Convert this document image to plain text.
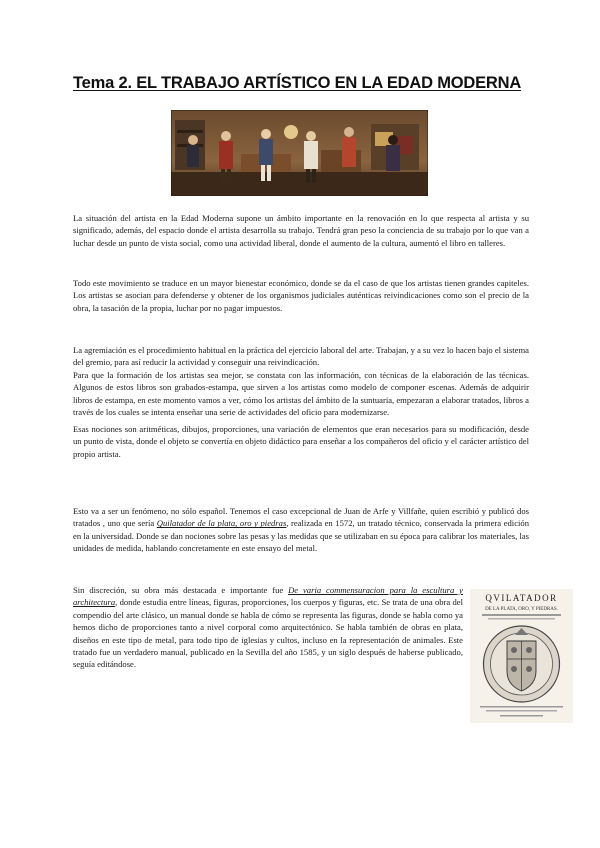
Tema 2. EL TRABAJO ARTÍSTICO EN LA EDAD MODERNA

La situación del artista en la Edad Moderna supone un ámbito importante en la renovación en lo que respecta al artista y su significado, además, del espacio donde el artista desarrolla su trabajo. Tendrá gran peso la conciencia de su trabajo por lo que van a luchar desde un punto de vista social, como una actividad liberal, donde el aumento de la cultura, aumentó el libro en talleres.

Todo este movimiento se traduce en un mayor bienestar económico, donde se da el caso de que los artistas tienen grandes capiteles. Los artistas se asocian para defenderse y obtener de los organismos judiciales auténticas reivindicaciones como son el precio de la obra, la tasación de la propia, luchar por no pagar impuestos.

La agremiación es el procedimiento habitual en la práctica del ejercicio laboral del arte. Trabajan, y a su vez lo hacen bajo el sistema del gremio, para así reducir la actividad y conseguir una reivindicación.
Para que la formación de los artistas sea mejor, se constata con las información, con técnicas de la elaboración de las técnicas. Algunos de estos libros son grabados-estampa, que sirven a los artistas como modelo de componer escenas. Además de adquirir libros de estampa, en este momento vamos a ver, cómo los artistas del ámbito de la suntuaria, empezaran a elaborar tratados, libros a través de los cuales se intenta enseñar una serie de actividades del oficio para modernizarse.

Esas nociones son aritméticas, dibujos, proporciones, una variación de elementos que eran necesarios para su modificación, desde un punto de vista, donde el objeto se convertía en objeto didáctico para enseñar a los compañeros del oficio y el carácter artístico del propio artista.

Esto va a ser un fenómeno, no sólo español. Tenemos el caso excepcional de Juan de Arfe y Villfañe, quien escribió y publicó dos tratados , uno que sería Quilatador de la plata, oro y piedras, realizada en 1572, un tratado técnico, conservada la primera edición en la universidad. Donde se dan nociones sobre las pesas y las medidas que se utilizaban en su época para calibrar los materiales, las unidades de medida, hablando concretamente en este ensayo del metal.

Sin discreción, su obra más destacada e importante fue De varia commensuracion para la escultura y architectura, donde estudia entre líneas, figuras, proporciones, los cuerpos y figuras, etc. Se trata de una obra del compendio del arte clásico, un manual donde se habla de cómo se representa las figuras, donde se habla como ya hemos dicho de proporciones tanto a nivel corporal como arquitectónico. Se habla también de obras en plata, diseños en este tipo de metal, para todo tipo de iglesias y cultos, incluso en la representación de animales. Este tratado fue un verdadero manual, publicado en la Sevilla del año 1585, y un siglo después de haberse publicado, seguía editándose.

QVILATADOR
DE LA PLATA, ORO, Y PIEDRAS.
